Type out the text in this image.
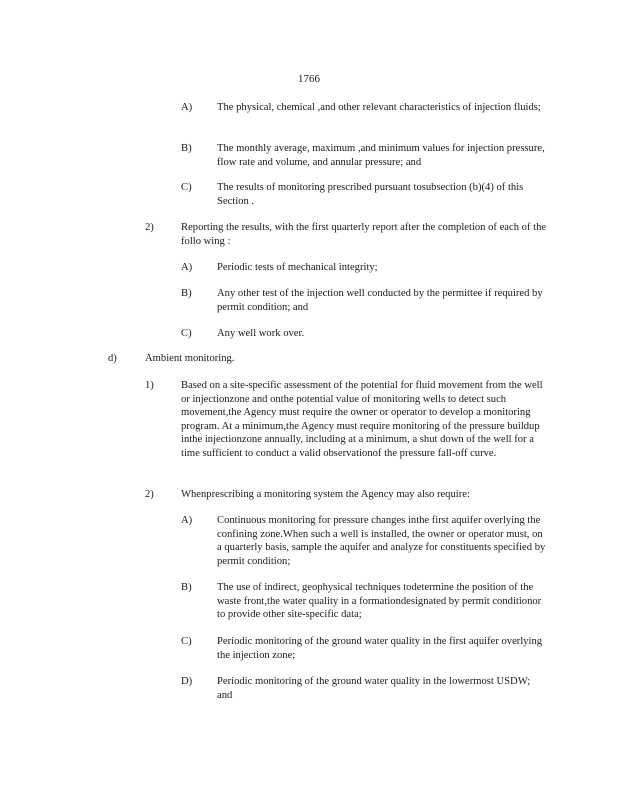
1766
A) The physical, chemical ,and other relevant characteristics of injection fluids;
B) The monthly average, maximum ,and minimum values for injection pressure, flow rate and volume, and annular pressure; and
C) The results of monitoring prescribed pursuant tosubsection (b)(4) of this Section .
2)	Reporting the results, with the first quarterly report after the completion of each of the follo wing :
A) Periodic tests of mechanical integrity;
B) Any other test of the injection well conducted by the permittee if required by permit condition; and
C) Any well work over.
d)	Ambient monitoring.
1)	Based on a site-specific assessment of the potential for fluid movement from the well or injectionzone and onthe potential value of monitoring wells to detect such movement,the Agency must require the owner or operator to develop a monitoring program. At a minimum,the Agency must require monitoring of the pressure buildup inthe injectionzone annually, including at a minimum, a shut down of the well for a time sufficient to conduct a valid observationof the pressure fall-off curve.
2)	Whenprescribing a monitoring system the Agency may also require:
A) Continuous monitoring for pressure changes inthe first aquifer overlying the confining zone.When such a well is installed, the owner or operator must, on a quarterly basis, sample the aquifer and analyze for constituents specified by permit condition;
B) The use of indirect, geophysical techniques todetermine the position of the waste front,the water quality in a formationdesignated by permit conditionor to provide other site-specific data;
C) Periodic monitoring of the ground water quality in the first aquifer overlying the injection zone;
D) Periodic monitoring of the ground water quality in the lowermost USDW; and
